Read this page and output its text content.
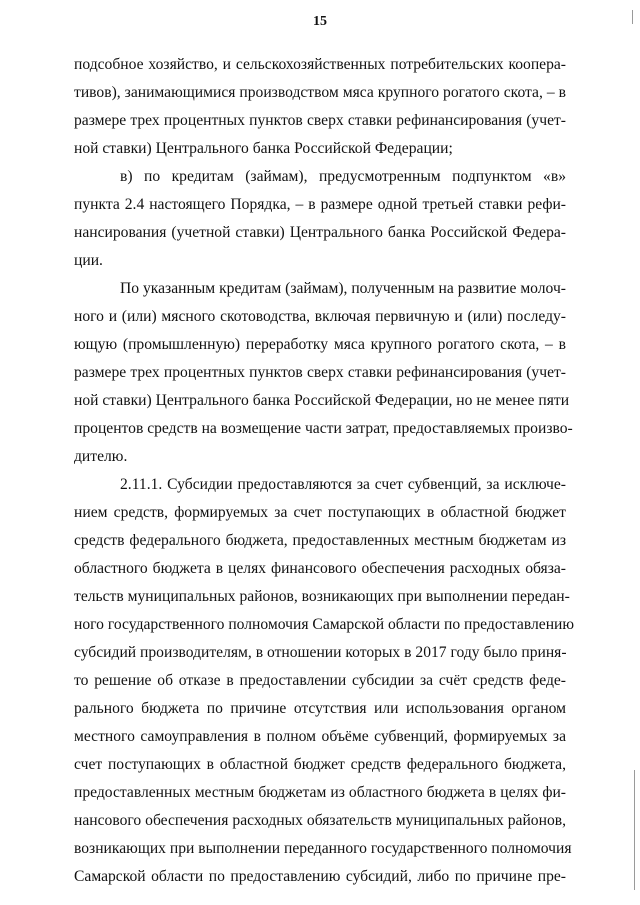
15
подсобное хозяйство, и сельскохозяйственных потребительских коопера-
тивов), занимающимися производством мяса крупного рогатого скота, – в
размере трех процентных пунктов сверх ставки рефинансирования (учет-
ной ставки) Центрального банка Российской Федерации;
в) по кредитам (займам), предусмотренным подпунктом «в»
пункта 2.4 настоящего Порядка, – в размере одной третьей ставки рефи-
нансирования (учетной ставки) Центрального банка Российской Федера-
ции.
По указанным кредитам (займам), полученным на развитие молоч-
ного и (или) мясного скотоводства, включая первичную и (или) последу-
ющую (промышленную) переработку мяса крупного рогатого скота, – в
размере трех процентных пунктов сверх ставки рефинансирования (учет-
ной ставки) Центрального банка Российской Федерации, но не менее пяти
процентов средств на возмещение части затрат, предоставляемых произво-
дителю.
2.11.1. Субсидии предоставляются за счет субвенций, за исключе-
нием средств, формируемых за счет поступающих в областной бюджет
средств федерального бюджета, предоставленных местным бюджетам из
областного бюджета в целях финансового обеспечения расходных обяза-
тельств муниципальных районов, возникающих при выполнении передан-
ного государственного полномочия Самарской области по предоставлению
субсидий производителям, в отношении которых в 2017 году было приня-
то решение об отказе в предоставлении субсидии за счёт средств феде-
рального бюджета по причине отсутствия или использования органом
местного самоуправления в полном объёме субвенций, формируемых за
счет поступающих в областной бюджет средств федерального бюджета,
предоставленных местным бюджетам из областного бюджета в целях фи-
нансового обеспечения расходных обязательств муниципальных районов,
возникающих при выполнении переданного государственного полномочия
Самарской области по предоставлению субсидий, либо по причине пре-
